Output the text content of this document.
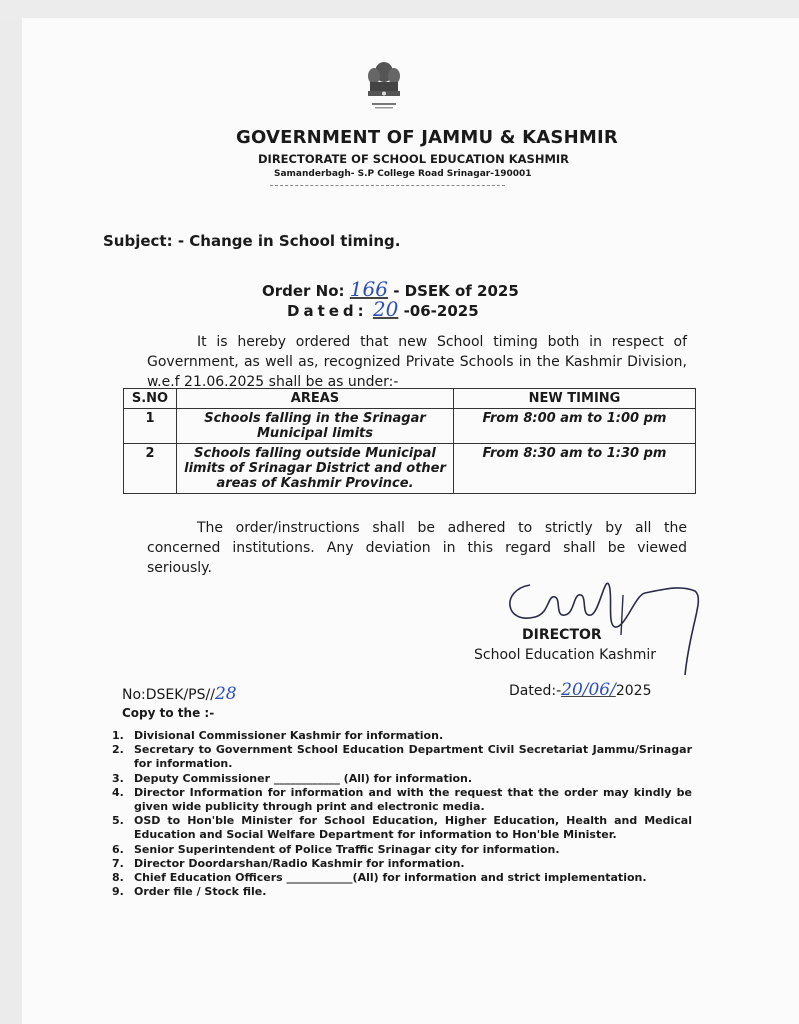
GOVERNMENT OF JAMMU & KASHMIR
DIRECTORATE OF SCHOOL EDUCATION KASHMIR
Samanderbagh- S.P College Road Srinagar-190001
Subject: - Change in School timing.
Order No: 166 - DSEK of 2025
Dated: 20 -06-2025

It is hereby ordered that new School timing both in respect of Government, as well as, recognized Private Schools in the Kashmir Division, w.e.f 21.06.2025 shall be as under:-

S.NO	AREAS	NEW TIMING
1	Schools falling in the Srinagar Municipal limits	From 8:00 am to 1:00 pm
2	Schools falling outside Municipal limits of Srinagar District and other areas of Kashmir Province.	From 8:30 am to 1:30 pm

The order/instructions shall be adhered to strictly by all the concerned institutions. Any deviation in this regard shall be viewed seriously.

DIRECTOR
School Education Kashmir
No:DSEK/PS//28	Dated:-20/06/2025
Copy to the :-
1. Divisional Commissioner Kashmir for information.
2. Secretary to Government School Education Department Civil Secretariat Jammu/Srinagar for information.
3. Deputy Commissioner ____________ (All) for information.
4. Director Information for information and with the request that the order may kindly be given wide publicity through print and electronic media.
5. OSD to Hon'ble Minister for School Education, Higher Education, Health and Medical Education and Social Welfare Department for information to Hon'ble Minister.
6. Senior Superintendent of Police Traffic Srinagar city for information.
7. Director Doordarshan/Radio Kashmir for information.
8. Chief Education Officers ____________(All) for information and strict implementation.
9. Order file / Stock file.
